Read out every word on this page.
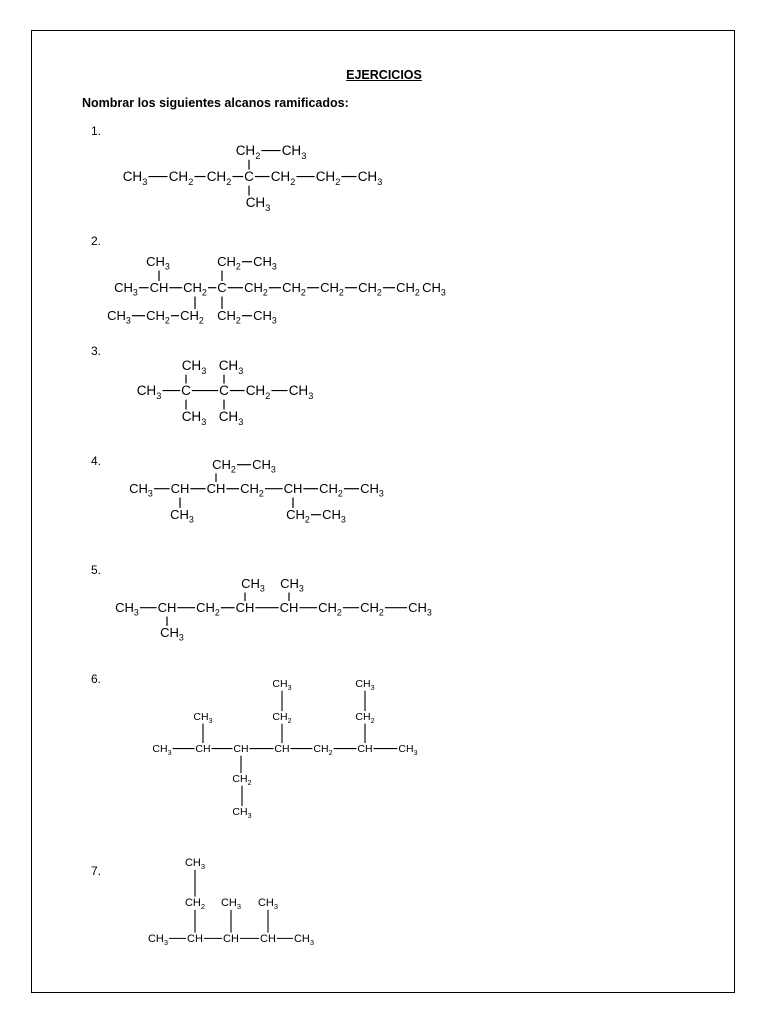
EJERCICIOS
Nombrar los siguientes alcanos ramificados:
1.
2.
3.
4.
5.
6.
7.
$CH_3$ $CH_2$ $CH_2$ C $CH_2$ $CH_2$ $CH_3$
$CH_2$ $CH_3$
$CH_3$
$CH_3$ CH $CH_2$ C $CH_2$ $CH_2$ $CH_2$ $CH_2$ $CH_2$ $CH_3$
$CH_3$	$CH_2$ $CH_3$
$CH_3$ $CH_2$ $CH_2$ $CH_2$ $CH_3$
$CH_3$ C C $CH_2$ $CH_3$
$CH_3$ $CH_3$
$CH_3$ $CH_3$
$CH_3$ CH CH $CH_2$ CH $CH_2$ $CH_3$
$CH_2$ $CH_3$
$CH_3$	$CH_2$ $CH_3$
$CH_3$ CH $CH_2$ CH CH $CH_2$ $CH_2$ $CH_3$
$CH_3$ $CH_3$
$CH_3$
$CH_3$ CH CH CH $CH_2$ CH $CH_3$
$CH_3$
$CH_3$
$CH_2$
$CH_3$
$CH_2$
$CH_2$
$CH_3$
$CH_3$ CH CH CH $CH_3$
$CH_3$
$CH_2$ $CH_3$ $CH_3$
